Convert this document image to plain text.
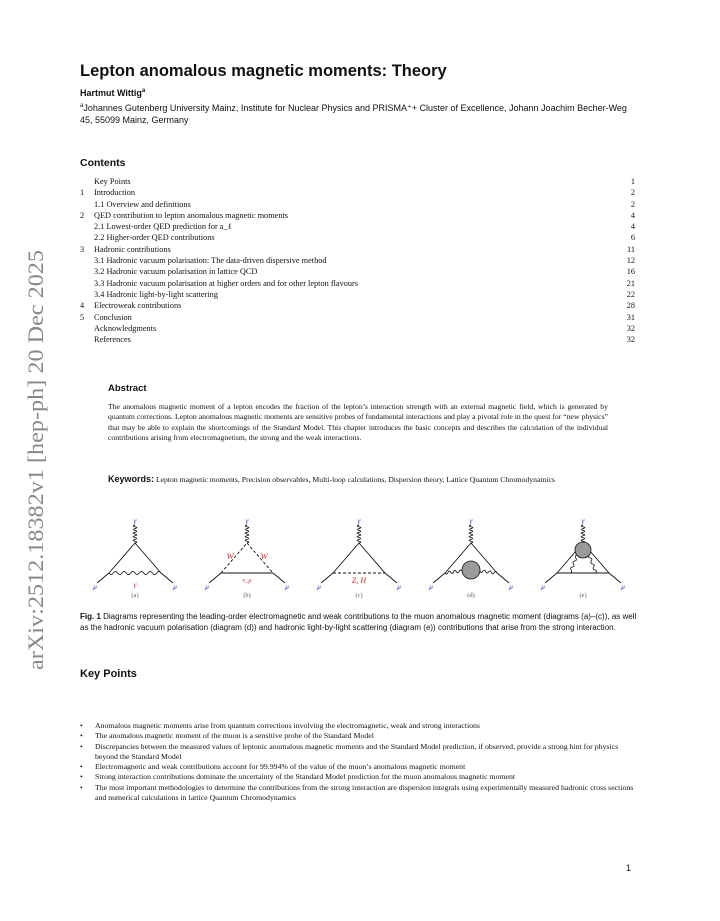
arXiv:2512.18382v1 [hep-ph] 20 Dec 2025
Lepton anomalous magnetic moments: Theory
Hartmut Wittig$^a$
$^a$Johannes Gutenberg University Mainz, Institute for Nuclear Physics and PRISMA⁺+ Cluster of Excellence, Johann Joachim Becher-Weg 45, 55099 Mainz, Germany
Contents
Key Points	1
1 Introduction	2
1.1 Overview and definitions	2
2 QED contribution to lepton anomalous magnetic moments	4
2.1 Lowest-order QED prediction for a_ℓ	4
2.2 Higher-order QED contributions	6
3 Hadronic contributions	11
3.1 Hadronic vacuum polarisation: The data-driven dispersive method	12
3.2 Hadronic vacuum polarisation in lattice QCD	16
3.3 Hadronic vacuum polarisation at higher orders and for other lepton flavours	21
3.4 Hadronic light-by-light scattering	22
4 Electroweak contributions	28
5 Conclusion	31
Acknowledgments	32
References	32
Abstract
The anomalous magnetic moment of a lepton encodes the fraction of the lepton’s interaction strength with an external magnetic field, which is generated by quantum corrections. Lepton anomalous magnetic moments are sensitive probes of fundamental interactions and play a pivotal role in the quest for “new physics” that may be able to explain the shortcomings of the Standard Model. This chapter introduces the basic concepts and describes the calculation of the individual contributions arising from electromagnetism, the strong and the weak interactions.
Keywords: Lepton magnetic moments, Precision observables, Multi-loop calculations, Dispersion theory, Lattice Quantum Chromodynamics
γ
μ	μ
γ
(a)
γ
μ	μ
W	W
ν_μ
(b)
γ
μ	μ
Z, H
(c)
γ
μ	μ
(d)
γ
μ	μ
(e)
Fig. 1 Diagrams representing the leading-order electromagnetic and weak contributions to the muon anomalous magnetic moment (diagrams (a)–(c)), as well as the hadronic vacuum polarisation (diagram (d)) and hadronic light-by-light scattering (diagram (e)) contributions that arise from the strong interaction.
Key Points
• Anomalous magnetic moments arise from quantum corrections involving the electromagnetic, weak and strong interactions
• The anomalous magnetic moment of the muon is a sensitive probe of the Standard Model
• Discrepancies between the measured values of leptonic anomalous magnetic moments and the Standard Model prediction, if observed, provide a strong hint for physics beyond the Standard Model
• Electromagnetic and weak contributions account for 99.994% of the value of the muon’s anomalous magnetic moment
• Strong interaction contributions dominate the uncertainty of the Standard Model prediction for the muon anomalous magnetic moment
• The most important methodologies to determine the contributions from the strong interaction are dispersion integrals using experimentally measured hadronic cross sections and numerical calculations in lattice Quantum Chromodynamics
1
